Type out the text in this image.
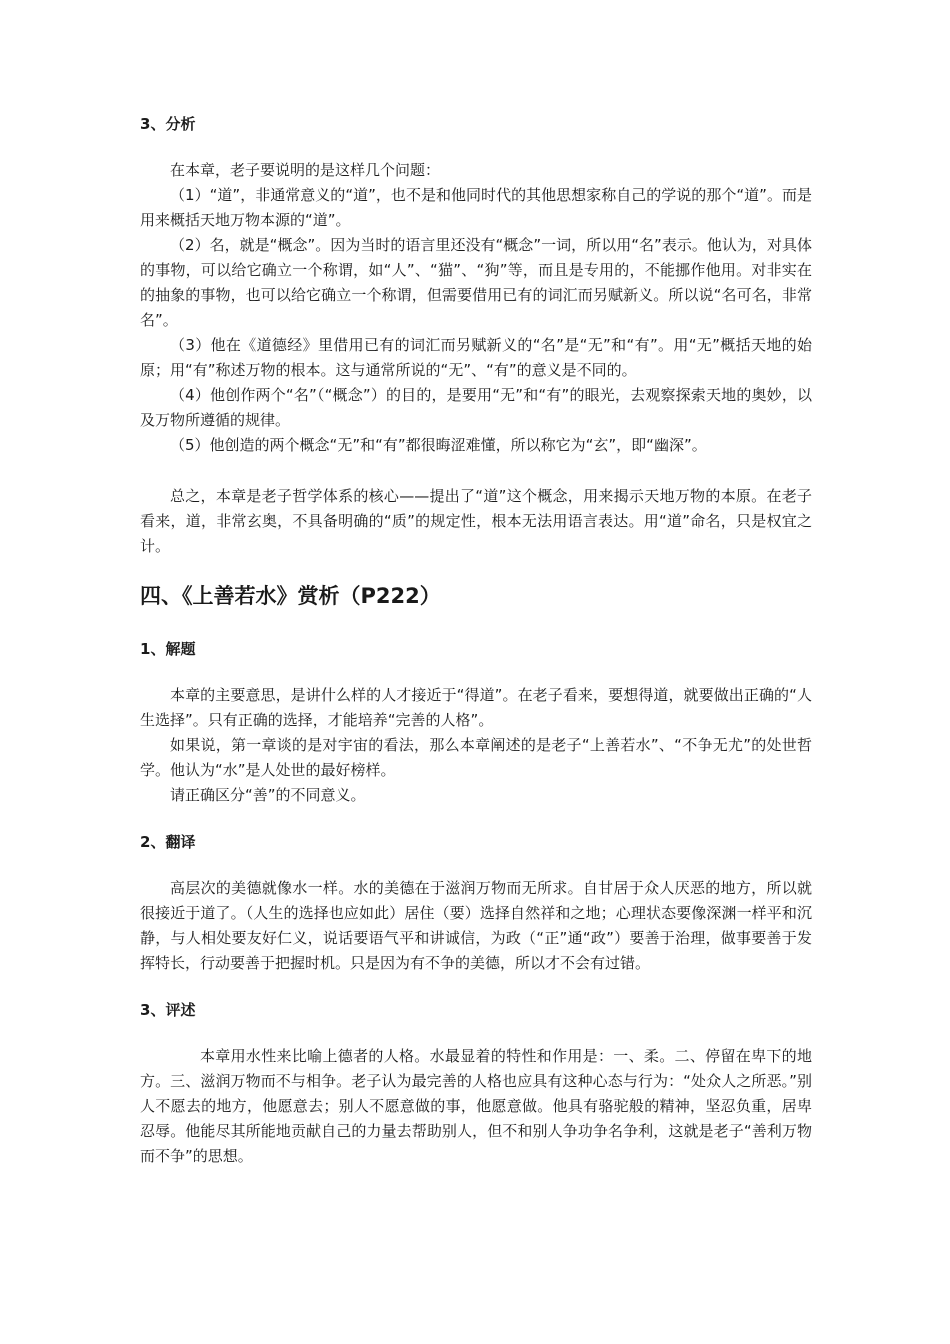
3、分析

在本章，老子要说明的是这样几个问题：

（1）“道”，非通常意义的“道”，也不是和他同时代的其他思想家称自己的学说的那个“道”。而是用来概括天地万物本源的“道”。

（2）名，就是“概念”。因为当时的语言里还没有“概念”一词，所以用“名”表示。他认为，对具体的事物，可以给它确立一个称谓，如“人”、“猫”、“狗”等，而且是专用的，不能挪作他用。对非实在的抽象的事物，也可以给它确立一个称谓，但需要借用已有的词汇而另赋新义。所以说“名可名，非常名”。

（3）他在《道德经》里借用已有的词汇而另赋新义的“名”是“无”和“有”。用“无”概括天地的始原；用“有”称述万物的根本。这与通常所说的“无”、“有”的意义是不同的。

（4）他创作两个“名”（“概念”）的目的，是要用“无”和“有”的眼光，去观察探索天地的奥妙，以及万物所遵循的规律。

（5）他创造的两个概念“无”和“有”都很晦涩难懂，所以称它为“玄”，即“幽深”。

总之，本章是老子哲学体系的核心——提出了“道”这个概念，用来揭示天地万物的本原。在老子看来，道，非常玄奥，不具备明确的“质”的规定性，根本无法用语言表达。用“道”命名，只是权宜之计。

四、《上善若水》赏析（P222）
1、解题

本章的主要意思，是讲什么样的人才接近于“得道”。在老子看来，要想得道，就要做出正确的“人生选择”。只有正确的选择，才能培养“完善的人格”。

如果说，第一章谈的是对宇宙的看法，那么本章阐述的是老子“上善若水”、“不争无尤”的处世哲学。他认为“水”是人处世的最好榜样。

请正确区分“善”的不同意义。

2、翻译

高层次的美德就像水一样。水的美德在于滋润万物而无所求。自甘居于众人厌恶的地方，所以就很接近于道了。（人生的选择也应如此）居住（要）选择自然祥和之地；心理状态要像深渊一样平和沉静，与人相处要友好仁义，说话要语气平和讲诚信，为政（“正”通“政”）要善于治理，做事要善于发挥特长，行动要善于把握时机。只是因为有不争的美德，所以才不会有过错。

3、评述

本章用水性来比喻上德者的人格。水最显着的特性和作用是：一、柔。二、停留在卑下的地方。三、滋润万物而不与相争。老子认为最完善的人格也应具有这种心态与行为：“处众人之所恶。”别人不愿去的地方，他愿意去；别人不愿意做的事，他愿意做。他具有骆驼般的精神，坚忍负重，居卑忍辱。他能尽其所能地贡献自己的力量去帮助别人，但不和别人争功争名争利，这就是老子“善利万物而不争”的思想。
